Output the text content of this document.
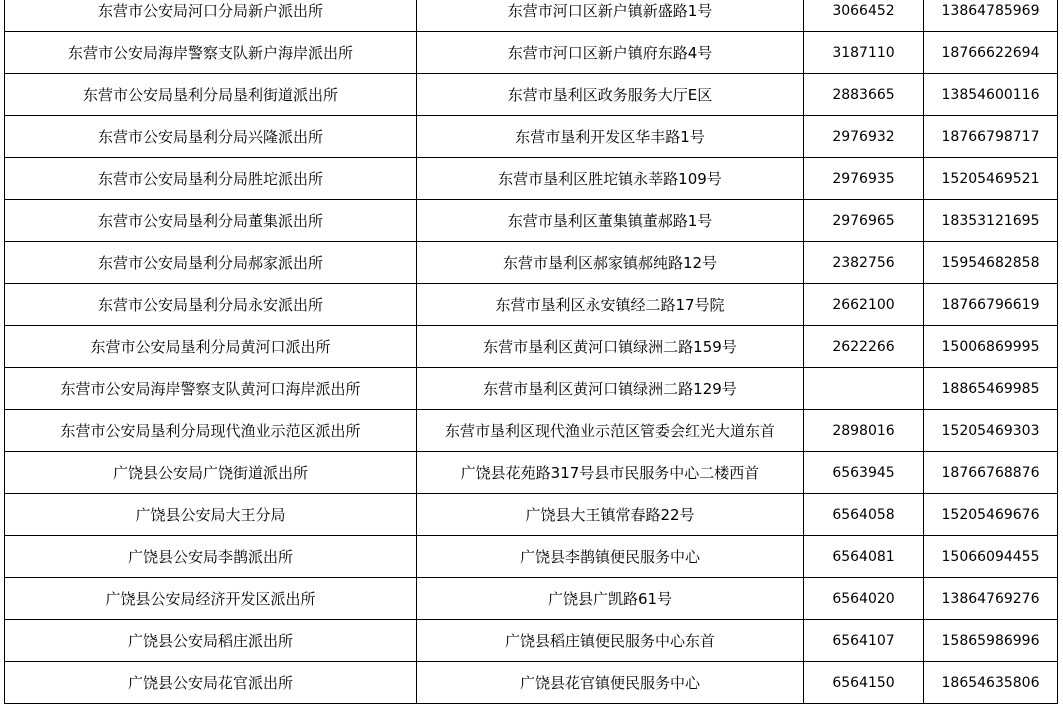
东营市公安局河口分局新户派出所	东营市河口区新户镇新盛路1号	3066452	13864785969
东营市公安局海岸警察支队新户海岸派出所	东营市河口区新户镇府东路4号	3187110	18766622694
东营市公安局垦利分局垦利街道派出所	东营市垦利区政务服务大厅E区	2883665	13854600116
东营市公安局垦利分局兴隆派出所	东营市垦利开发区华丰路1号	2976932	18766798717
东营市公安局垦利分局胜坨派出所	东营市垦利区胜坨镇永莘路109号	2976935	15205469521
东营市公安局垦利分局董集派出所	东营市垦利区董集镇董郝路1号	2976965	18353121695
东营市公安局垦利分局郝家派出所	东营市垦利区郝家镇郝纯路12号	2382756	15954682858
东营市公安局垦利分局永安派出所	东营市垦利区永安镇经二路17号院	2662100	18766796619
东营市公安局垦利分局黄河口派出所	东营市垦利区黄河口镇绿洲二路159号	2622266	15006869995
东营市公安局海岸警察支队黄河口海岸派出所	东营市垦利区黄河口镇绿洲二路129号		18865469985
东营市公安局垦利分局现代渔业示范区派出所	东营市垦利区现代渔业示范区管委会红光大道东首	2898016	15205469303
广饶县公安局广饶街道派出所	广饶县花苑路317号县市民服务中心二楼西首	6563945	18766768876
广饶县公安局大王分局	广饶县大王镇常春路22号	6564058	15205469676
广饶县公安局李鹊派出所	广饶县李鹊镇便民服务中心	6564081	15066094455
广饶县公安局经济开发区派出所	广饶县广凯路61号	6564020	13864769276
广饶县公安局稻庄派出所	广饶县稻庄镇便民服务中心东首	6564107	15865986996
广饶县公安局花官派出所	广饶县花官镇便民服务中心	6564150	18654635806
